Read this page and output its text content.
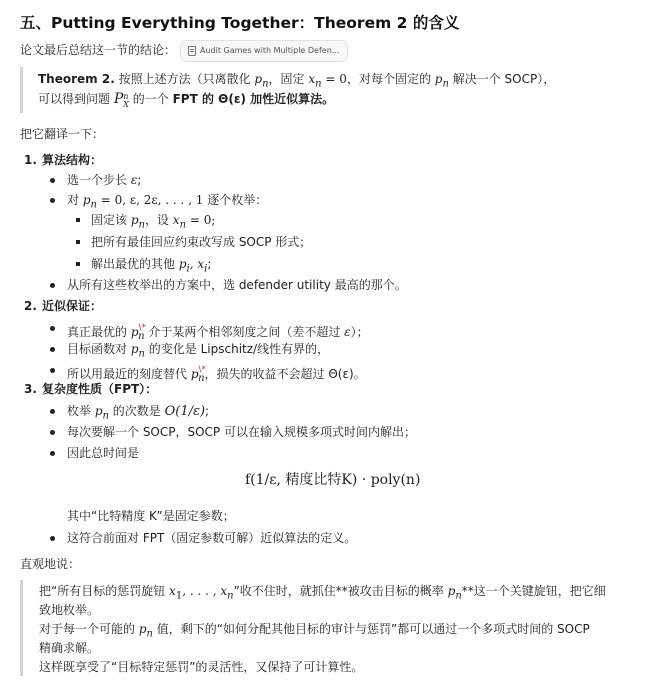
五、Putting Everything Together：Theorem 2 的含义
论文最后总结这一节的结论：	Audit Games with Multiple Defen...
Theorem 2. 按照上述方法（只离散化 $p_n$，固定 $x_n = 0$，对每个固定的 $p_n$ 解决一个 SOCP），
可以得到问题 P n
X 的一个 FPT 的 Θ(ε) 加性近似算法。
把它翻译一下：
1. 算法结构：
选一个步长 ε;
对 $p_n = 0$, ε, 2ε, . . . , 1 逐个枚举：
固定该 $p_n$，设 $x_n = 0$;
把所有最佳回应约束改写成 SOCP 形式；
解出最优的其他 $p_i$, $x_i$;
从所有这些枚举出的方案中，选 defender utility 最高的那个。
2. 近似保证：
真正最优的 $p^{\backslash*}_n$ 介于某两个相邻刻度之间（差不超过 ε）；
目标函数对 $p_n$ 的变化是 Lipschitz/线性有界的，
所以用最近的刻度替代 $p^{\backslash*}_n$，损失的收益不会超过 Θ(ε)。
3. 复杂度性质（FPT）：
枚举 $p_n$ 的次数是 O(1/ε);
每次要解一个 SOCP，SOCP 可以在输入规模多项式时间内解出；
因此总时间是
f(1/ε, 精度比特K) · poly(n)
其中“比特精度 K”是固定参数；
这符合前面对 FPT（固定参数可解）近似算法的定义。
直观地说：
把“所有目标的惩罚旋钮 $x_1$, . . . , $x_n$”收不住时，就抓住**被攻击目标的概率 $p_n**$这一个关键旋钮，把它细
致地枚举。
对于每一个可能的 $p_n$ 值，剩下的“如何分配其他目标的审计与惩罚”都可以通过一个多项式时间的 SOCP
精确求解。
这样既享受了“目标特定惩罚”的灵活性，又保持了可计算性。
